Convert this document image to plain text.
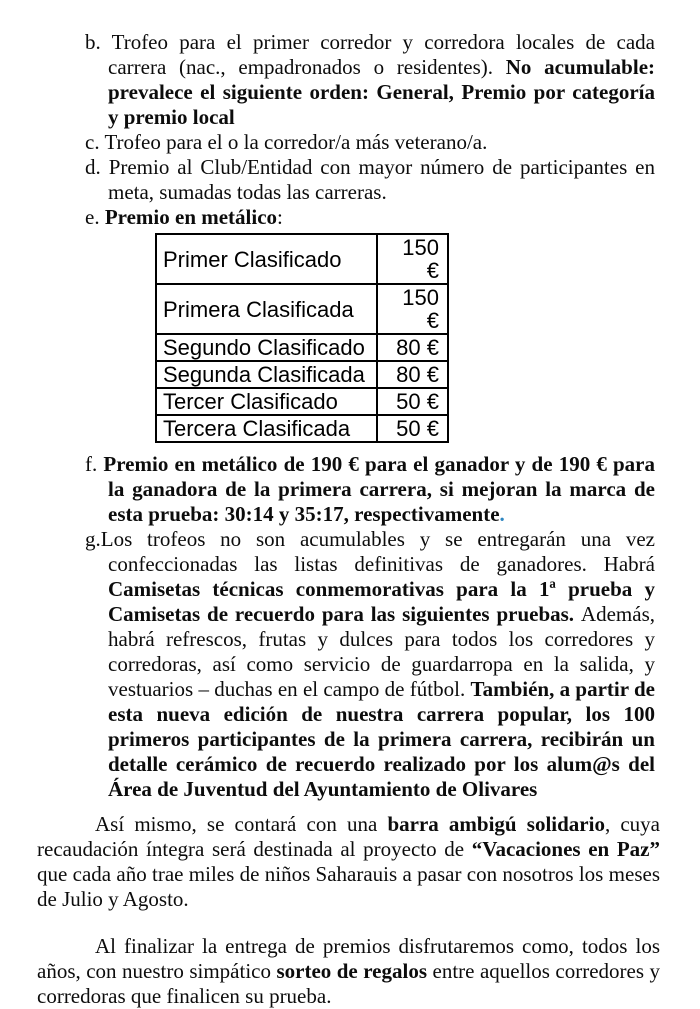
b. Trofeo para el primer corredor y corredora locales de cada carrera (nac., empadronados o residentes). No acumulable: prevalece el siguiente orden: General, Premio por categoría y premio local

c. Trofeo para el o la corredor/a más veterano/a.

d. Premio al Club/Entidad con mayor número de participantes en meta, sumadas todas las carreras.

e. Premio en metálico:

Primer Clasificado	150 €
Primera Clasificada	150 €
Segundo Clasificado	80 €
Segunda Clasificada	80 €
Tercer Clasificado	50 €
Tercera Clasificada	50 €

f. Premio en metálico de 190 € para el ganador y de 190 € para la ganadora de la primera carrera, si mejoran la marca de esta prueba: 30:14 y 35:17, respectivamente.

g.Los trofeos no son acumulables y se entregarán una vez confeccionadas las listas definitivas de ganadores. Habrá Camisetas técnicas conmemorativas para la 1ª prueba y Camisetas de recuerdo para las siguientes pruebas. Además, habrá refrescos, frutas y dulces para todos los corredores y corredoras, así como servicio de guardarropa en la salida, y vestuarios – duchas en el campo de fútbol. También, a partir de esta nueva edición de nuestra carrera popular, los 100 primeros participantes de la primera carrera, recibirán un detalle cerámico de recuerdo realizado por los alum@s del Área de Juventud del Ayuntamiento de Olivares

Así mismo, se contará con una barra ambigú solidario, cuya recaudación íntegra será destinada al proyecto de “Vacaciones en Paz” que cada año trae miles de niños Saharauis a pasar con nosotros los meses de Julio y Agosto.

Al finalizar la entrega de premios disfrutaremos como, todos los años, con nuestro simpático sorteo de regalos entre aquellos corredores y corredoras que finalicen su prueba.
